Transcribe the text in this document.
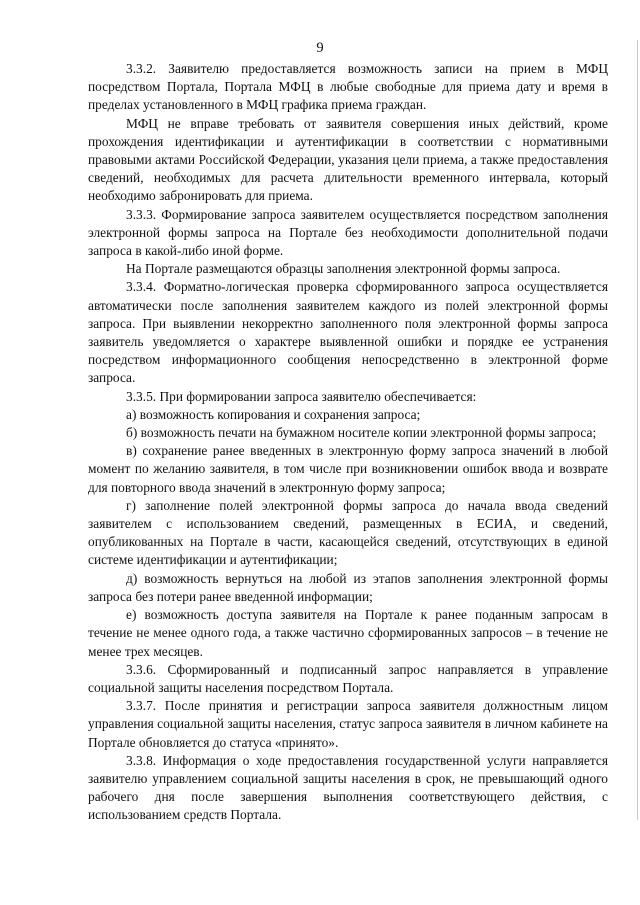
9

3.3.2. Заявителю предоставляется возможность записи на прием в МФЦ посредством Портала, Портала МФЦ в любые свободные для приема дату и время в пределах установленного в МФЦ графика приема граждан.

МФЦ не вправе требовать от заявителя совершения иных действий, кроме прохождения идентификации и аутентификации в соответствии с нормативными правовыми актами Российской Федерации, указания цели приема, а также предоставления сведений, необходимых для расчета длительности временного интервала, который необходимо забронировать для приема.

3.3.3. Формирование запроса заявителем осуществляется посредством заполнения электронной формы запроса на Портале без необходимости дополнительной подачи запроса в какой-либо иной форме.

На Портале размещаются образцы заполнения электронной формы запроса.

3.3.4. Форматно-логическая проверка сформированного запроса осуществляется автоматически после заполнения заявителем каждого из полей электронной формы запроса. При выявлении некорректно заполненного поля электронной формы запроса заявитель уведомляется о характере выявленной ошибки и порядке ее устранения посредством информационного сообщения непосредственно в электронной форме запроса.

3.3.5. При формировании запроса заявителю обеспечивается:

а) возможность копирования и сохранения запроса;

б) возможность печати на бумажном носителе копии электронной формы запроса;

в) сохранение ранее введенных в электронную форму запроса значений в любой момент по желанию заявителя, в том числе при возникновении ошибок ввода и возврате для повторного ввода значений в электронную форму запроса;

г) заполнение полей электронной формы запроса до начала ввода сведений заявителем с использованием сведений, размещенных в ЕСИА, и сведений, опубликованных на Портале в части, касающейся сведений, отсутствующих в единой системе идентификации и аутентификации;

д) возможность вернуться на любой из этапов заполнения электронной формы запроса без потери ранее введенной информации;

е) возможность доступа заявителя на Портале к ранее поданным запросам в течение не менее одного года, а также частично сформированных запросов – в течение не менее трех месяцев.

3.3.6. Сформированный и подписанный запрос направляется в управление социальной защиты населения посредством Портала.

3.3.7. После принятия и регистрации запроса заявителя должностным лицом управления социальной защиты населения, статус запроса заявителя в личном кабинете на Портале обновляется до статуса «принято».

3.3.8. Информация о ходе предоставления государственной услуги направляется заявителю управлением социальной защиты населения в срок, не превышающий одного рабочего дня после завершения выполнения соответствующего действия, с использованием средств Портала.
